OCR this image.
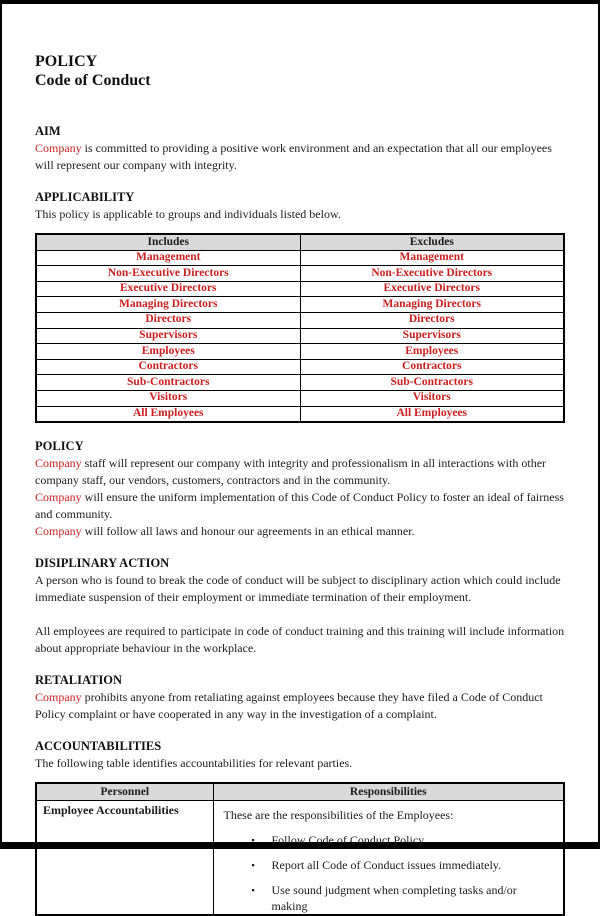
POLICY
Code of Conduct
AIM
Company is committed to providing a positive work environment and an expectation that all our employees will represent our company with integrity.
APPLICABILITY
This policy is applicable to groups and individuals listed below.
Includes	Excludes
Management	Management
Non-Executive Directors	Non-Executive Directors
Executive Directors	Executive Directors
Managing Directors	Managing Directors
Directors	Directors
Supervisors	Supervisors
Employees	Employees
Contractors	Contractors
Sub-Contractors	Sub-Contractors
Visitors	Visitors
All Employees	All Employees
POLICY
Company staff will represent our company with integrity and professionalism in all interactions with other company staff, our vendors, customers, contractors and in the community.
Company will ensure the uniform implementation of this Code of Conduct Policy to foster an ideal of fairness and community.
Company will follow all laws and honour our agreements in an ethical manner.
DISIPLINARY ACTION
A person who is found to break the code of conduct will be subject to disciplinary action which could include immediate suspension of their employment or immediate termination of their employment.
All employees are required to participate in code of conduct training and this training will include information about appropriate behaviour in the workplace.
RETALIATION
Company prohibits anyone from retaliating against employees because they have filed a Code of Conduct Policy complaint or have cooperated in any way in the investigation of a complaint.
ACCOUNTABILITIES
The following table identifies accountabilities for relevant parties.
Personnel	Responsibilities
Employee Accountabilities	These are the responsibilities of the Employees:
▪	Follow Code of Conduct Policy.
▪	Report all Code of Conduct issues immediately.
▪	Use sound judgment when completing tasks and/or making
